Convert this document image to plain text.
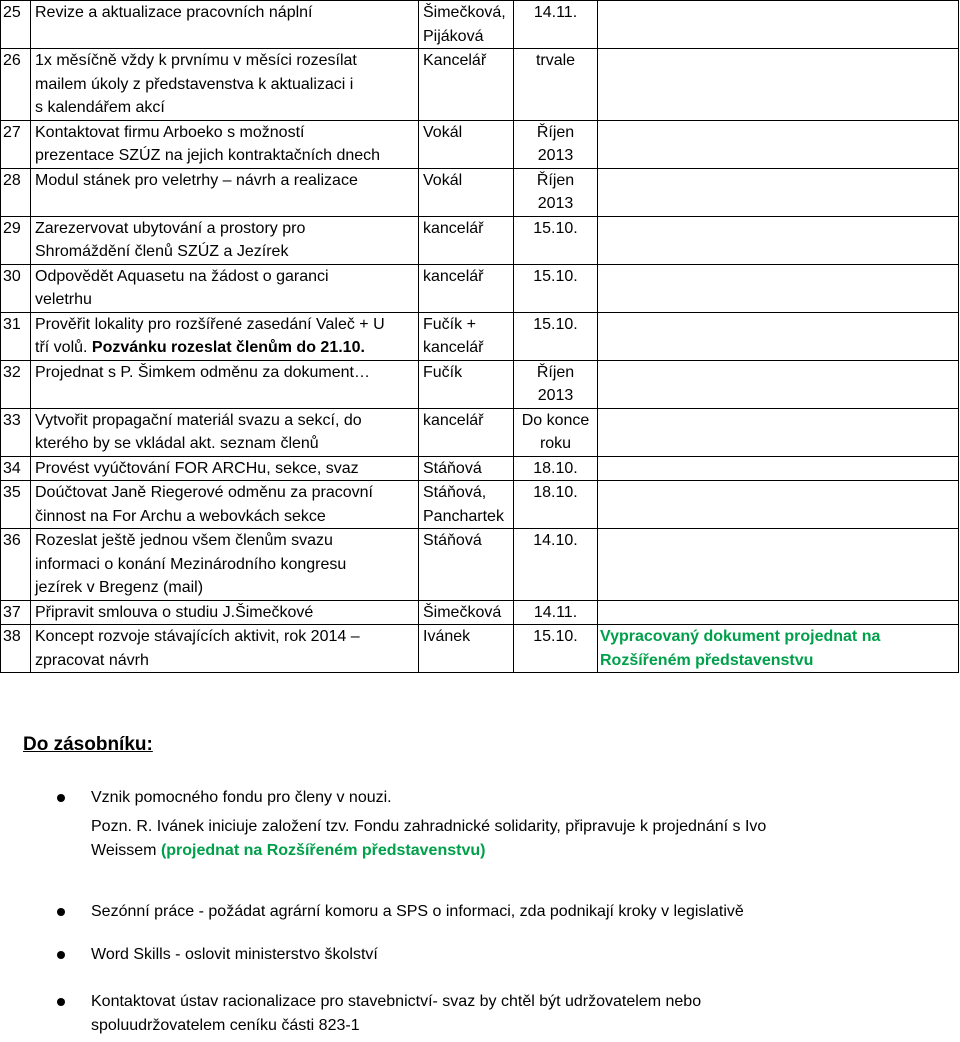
25	Revize a aktualizace pracovních náplní	Šimečková,
Pijáková	14.11.	

26	1x měsíčně vždy k prvnímu v měsíci rozesílat
mailem úkoly z představenstva k aktualizaci i
s kalendářem akcí	Kancelář	trvale	

27	Kontaktovat firmu Arboeko s možností
prezentace SZÚZ na jejich kontraktačních dnech	Vokál	Říjen
2013	

28	Modul stánek pro veletrhy – návrh a realizace	Vokál	Říjen
2013	

29	Zarezervovat ubytování a prostory pro
Shromáždění členů SZÚZ a Jezírek	kancelář	15.10.	

30	Odpovědět Aquasetu na žádost o garanci
veletrhu	kancelář	15.10.	

31	Prověřit lokality pro rozšířené zasedání Valeč + U
tří volů. Pozvánku rozeslat členům do 21.10.	Fučík +
kancelář	15.10.	

32	Projednat s P. Šimkem odměnu za dokument…	Fučík	Říjen
2013	

33	Vytvořit propagační materiál svazu a sekcí, do
kterého by se vkládal akt. seznam členů	kancelář	Do konce
roku	

34	Provést vyúčtování FOR ARCHu, sekce, svaz	Stáňová	18.10.	

35	Doúčtovat Janě Riegerové odměnu za pracovní
činnost na For Archu a webovkách sekce	Stáňová,
Panchartek	18.10.	

36	Rozeslat ještě jednou všem členům svazu
informaci o konání Mezinárodního kongresu
jezírek v Bregenz (mail)	Stáňová	14.10.	

37	Připravit smlouva o studiu J.Šimečkové	Šimečková	14.11.	

38	Koncept rozvoje stávajících aktivit, rok 2014 –
zpracovat návrh	Ivánek	15.10.	Vypracovaný dokument projednat na Rozšířeném představenstvu
Do zásobníku:
Vznik pomocného fondu pro členy v nouzi.
Pozn. R. Ivánek iniciuje založení tzv. Fondu zahradnické solidarity, připravuje k projednání s Ivo
Weissem (projednat na Rozšířeném představenstvu)
Sezónní práce - požádat agrární komoru a SPS o informaci, zda podnikají kroky v legislativě
Word Skills - oslovit ministerstvo školství
Kontaktovat ústav racionalizace pro stavebnictví- svaz by chtěl být udržovatelem nebo
spoluudržovatelem ceníku části 823-1
